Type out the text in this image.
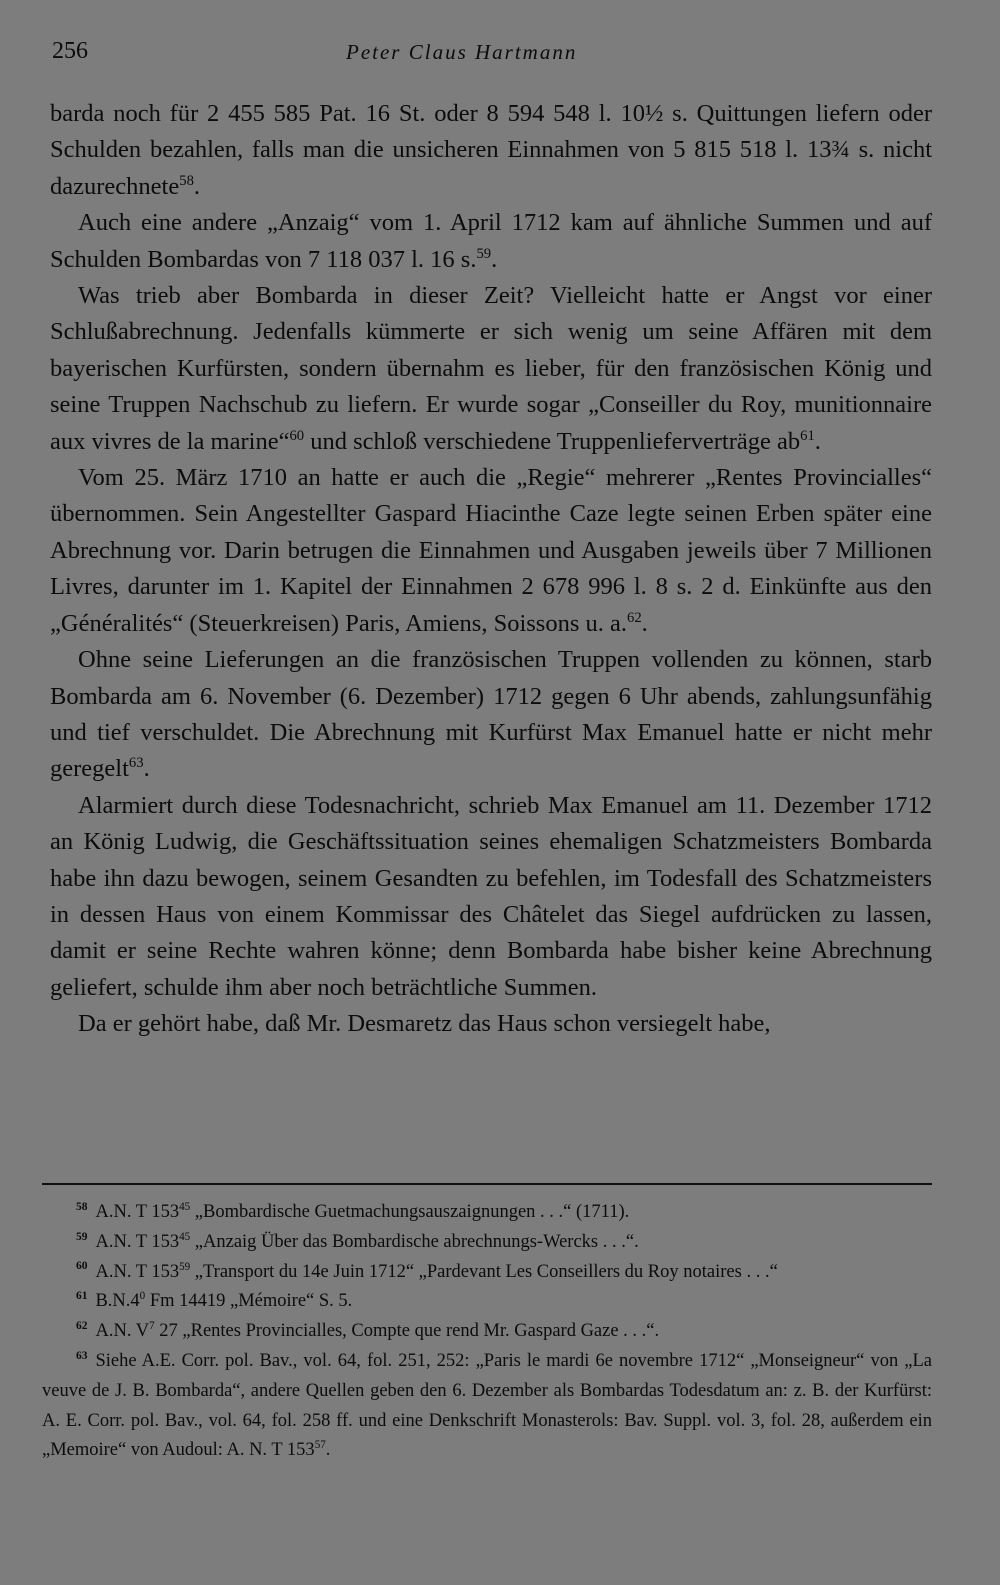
256	Peter Claus Hartmann

barda noch für 2 455 585 Pat. 16 St. oder 8 594 548 l. 10½ s. Quittungen liefern oder Schulden bezahlen, falls man die unsicheren Einnahmen von 5 815 518 l. 13¾ s. nicht dazurechnete$^{58}$.

Auch eine andere „Anzaig“ vom 1. April 1712 kam auf ähnliche Summen und auf Schulden Bombardas von 7 118 037 l. 16 s.$^{59}$.

Was trieb aber Bombarda in dieser Zeit? Vielleicht hatte er Angst vor einer Schlußabrechnung. Jedenfalls kümmerte er sich wenig um seine Affären mit dem bayerischen Kurfürsten, sondern übernahm es lieber, für den französischen König und seine Truppen Nachschub zu liefern. Er wurde sogar „Conseiller du Roy, munitionnaire aux vivres de la marine“$^{60}$ und schloß verschiedene Truppenlieferverträge $ab^{61}$.

Vom 25. März 1710 an hatte er auch die „Regie“ mehrerer „Rentes Provincialles“ übernommen. Sein Angestellter Gaspard Hiacinthe Caze legte seinen Erben später eine Abrechnung vor. Darin betrugen die Einnahmen und Ausgaben jeweils über 7 Millionen Livres, darunter im 1. Kapitel der Einnahmen 2 678 996 l. 8 s. 2 d. Einkünfte aus den „Généralités“ (Steuerkreisen) Paris, Amiens, Soissons u. a.$^{62}$.

Ohne seine Lieferungen an die französischen Truppen vollenden zu können, starb Bombarda am 6. November (6. Dezember) 1712 gegen 6 Uhr abends, zahlungsunfähig und tief verschuldet. Die Abrechnung mit Kurfürst Max Emanuel hatte er nicht mehr geregelt$^{63}$.

Alarmiert durch diese Todesnachricht, schrieb Max Emanuel am 11. Dezember 1712 an König Ludwig, die Geschäftssituation seines ehemaligen Schatzmeisters Bombarda habe ihn dazu bewogen, seinem Gesandten zu befehlen, im Todesfall des Schatzmeisters in dessen Haus von einem Kommissar des Châtelet das Siegel aufdrücken zu lassen, damit er seine Rechte wahren könne; denn Bombarda habe bisher keine Abrechnung geliefert, schulde ihm aber noch beträchtliche Summen.

Da er gehört habe, daß Mr. Desmaretz das Haus schon versiegelt habe,

$^{58}$ A.N. T $153^{45}$ „Bombardische Guetmachungsauszaignungen . . .“ (1711).

$^{59}$ A.N. T $153^{45}$ „Anzaig Über das Bombardische abrechnungs-Wercks . . .“.

$^{60}$ A.N. T $153^{59}$ „Transport du 14e Juin 1712“ „Pardevant Les Conseillers du Roy notaires . . .“

$^{61}$ $B.N.4^0$ Fm 14419 „Mémoire“ S. 5.

$^{62}$ A.N. $V^7$ 27 „Rentes Provincialles, Compte que rend Mr. Gaspard Gaze . . .“.

$^{63}$ Siehe A.E. Corr. pol. Bav., vol. 64, fol. 251, 252: „Paris le mardi 6e novembre 1712“ „Monseigneur“ von „La veuve de J. B. Bombarda“, andere Quellen geben den 6. Dezember als Bombardas Todesdatum an: z. B. der Kurfürst: A. E. Corr. pol. Bav., vol. 64, fol. 258 ff. und eine Denkschrift Monasterols: Bav. Suppl. vol. 3, fol. 28, außerdem ein „Memoire“ von Audoul: A. N. T $153^{57}$.
